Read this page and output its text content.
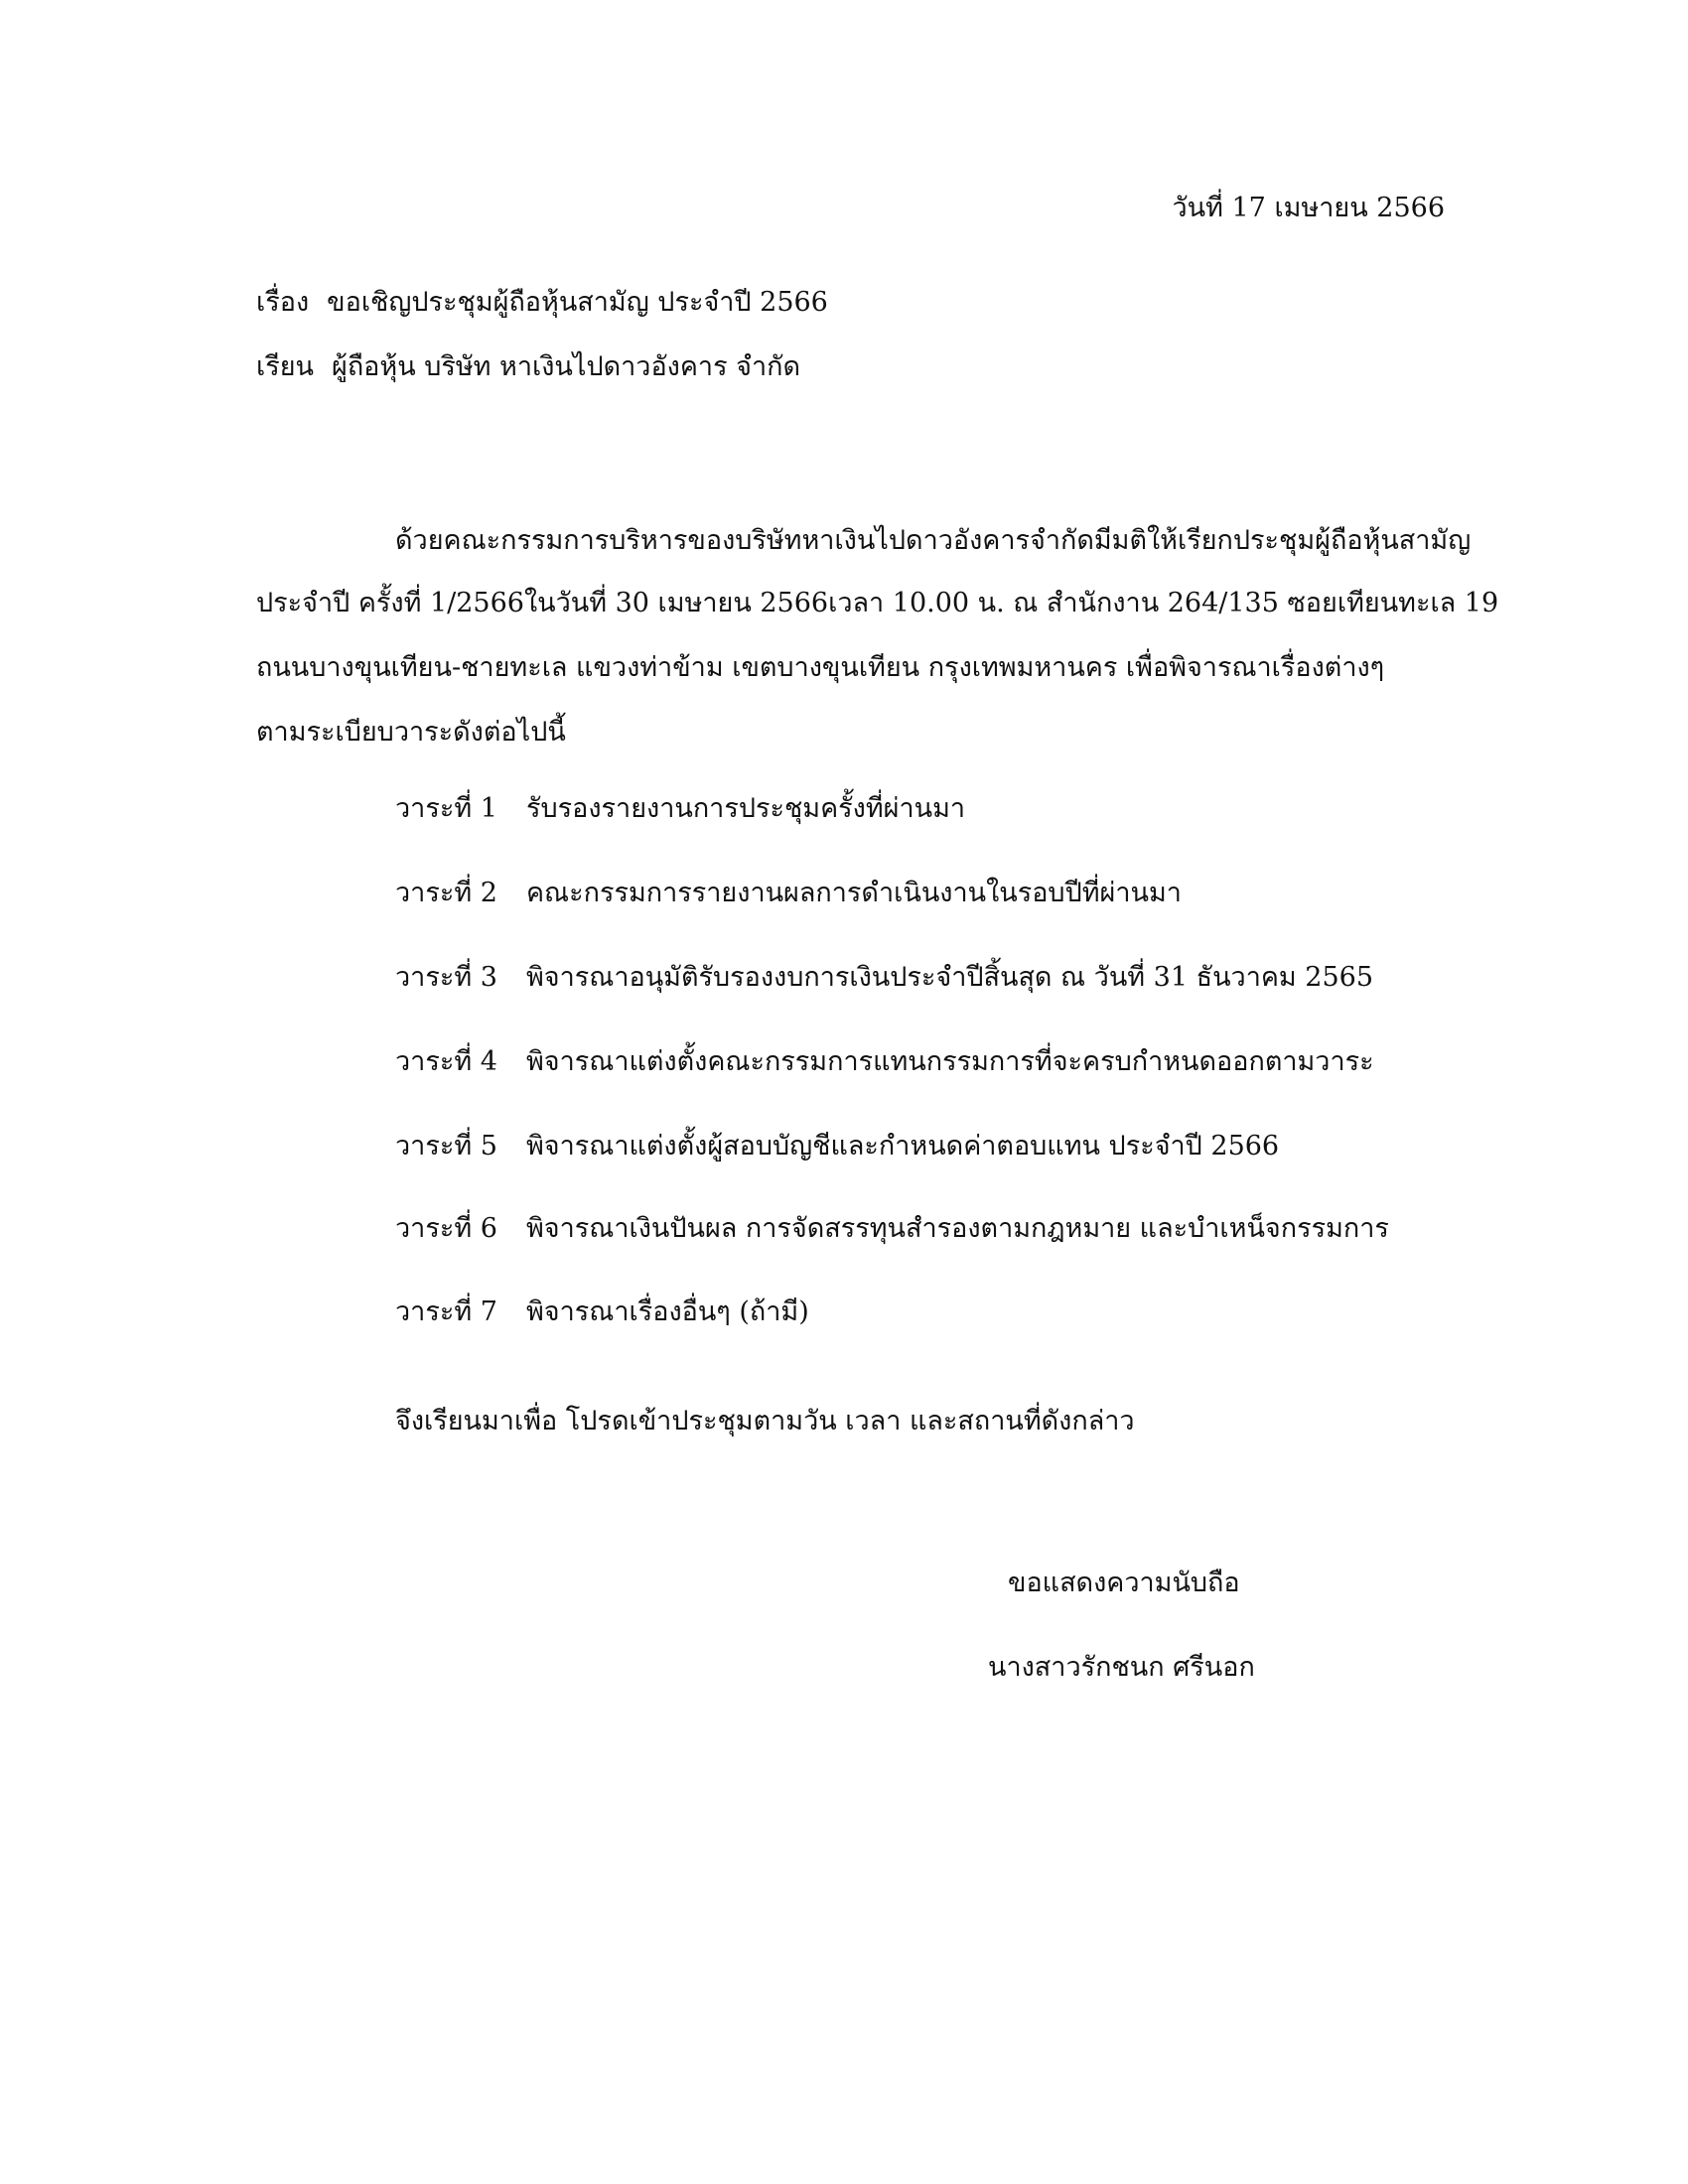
วันที่ 17 เมษายน 2566
เรื่อง ขอเชิญประชุมผู้ถือหุ้นสามัญ ประจำปี 2566
เรียน ผู้ถือหุ้น บริษัท หาเงินไปดาวอังคาร จำกัด
ด้วยคณะกรรมการบริหารของบริษัทหาเงินไปดาวอังคารจำกัดมีมติให้เรียกประชุมผู้ถือหุ้นสามัญ
ประจำปี ครั้งที่ 1/2566ในวันที่ 30 เมษายน 2566เวลา 10.00 น. ณ สำนักงาน 264/135 ซอยเทียนทะเล 19
ถนนบางขุนเทียน-ชายทะเล แขวงท่าข้าม เขตบางขุนเทียน กรุงเทพมหานคร เพื่อพิจารณาเรื่องต่างๆ
ตามระเบียบวาระดังต่อไปนี้
วาระที่ 1 รับรองรายงานการประชุมครั้งที่ผ่านมา
วาระที่ 2 คณะกรรมการรายงานผลการดำเนินงานในรอบปีที่ผ่านมา
วาระที่ 3 พิจารณาอนุมัติรับรองงบการเงินประจำปีสิ้นสุด ณ วันที่ 31 ธันวาคม 2565
วาระที่ 4 พิจารณาแต่งตั้งคณะกรรมการแทนกรรมการที่จะครบกำหนดออกตามวาระ
วาระที่ 5 พิจารณาแต่งตั้งผู้สอบบัญชีและกำหนดค่าตอบแทน ประจำปี 2566
วาระที่ 6 พิจารณาเงินปันผล การจัดสรรทุนสำรองตามกฎหมาย และบำเหน็จกรรมการ
วาระที่ 7 พิจารณาเรื่องอื่นๆ (ถ้ามี)
จึงเรียนมาเพื่อ โปรดเข้าประชุมตามวัน เวลา และสถานที่ดังกล่าว
ขอแสดงความนับถือ
นางสาวรักชนก ศรีนอก
